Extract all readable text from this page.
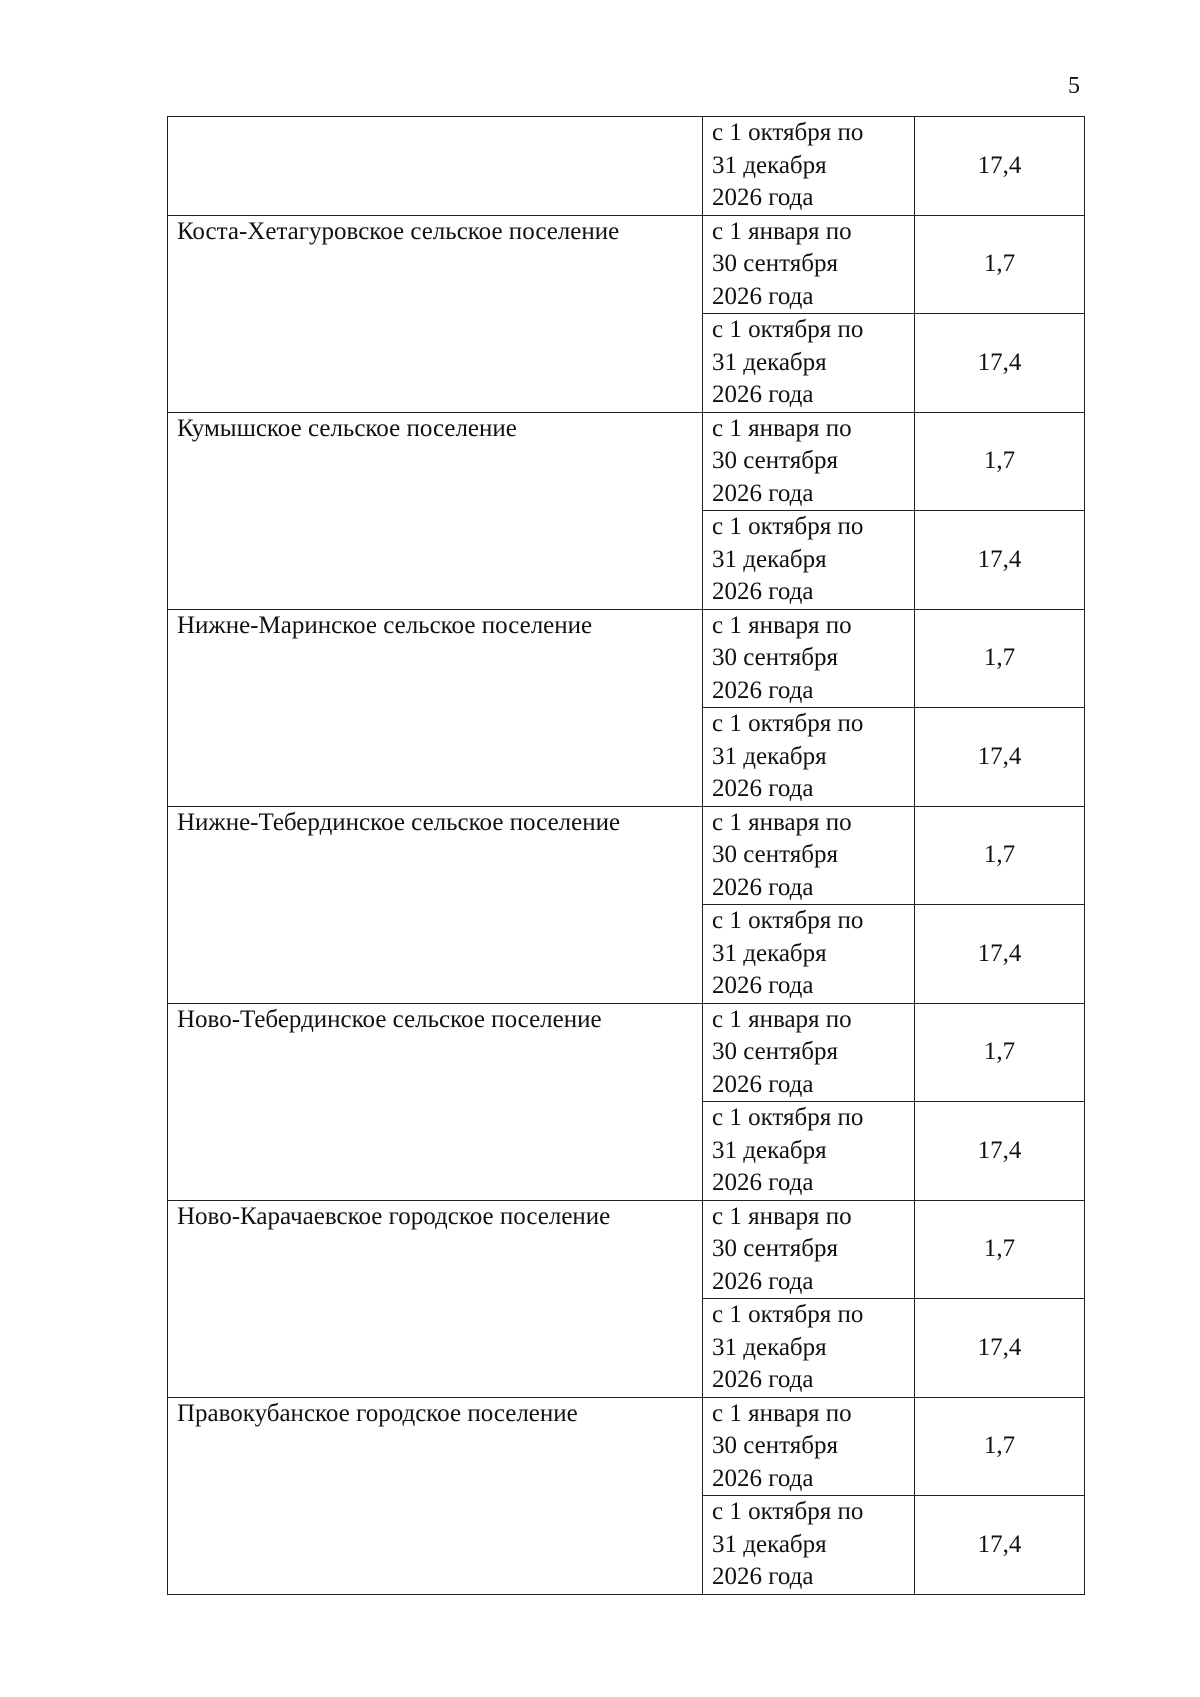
5
	с 1 октября по
31 декабря
2026 года	17,4
Коста-Хетагуровское сельское поселение	с 1 января по
30 сентября
2026 года	1,7
	с 1 октября по
31 декабря
2026 года	17,4
Кумышское сельское поселение	с 1 января по
30 сентября
2026 года	1,7
	с 1 октября по
31 декабря
2026 года	17,4
Нижне-Маринское сельское поселение	с 1 января по
30 сентября
2026 года	1,7
	с 1 октября по
31 декабря
2026 года	17,4
Нижне-Тебердинское сельское поселение	с 1 января по
30 сентября
2026 года	1,7
	с 1 октября по
31 декабря
2026 года	17,4
Ново-Тебердинское сельское поселение	с 1 января по
30 сентября
2026 года	1,7
	с 1 октября по
31 декабря
2026 года	17,4
Ново-Карачаевское городское поселение	с 1 января по
30 сентября
2026 года	1,7
	с 1 октября по
31 декабря
2026 года	17,4
Правокубанское городское поселение	с 1 января по
30 сентября
2026 года	1,7
	с 1 октября по
31 декабря
2026 года	17,4
